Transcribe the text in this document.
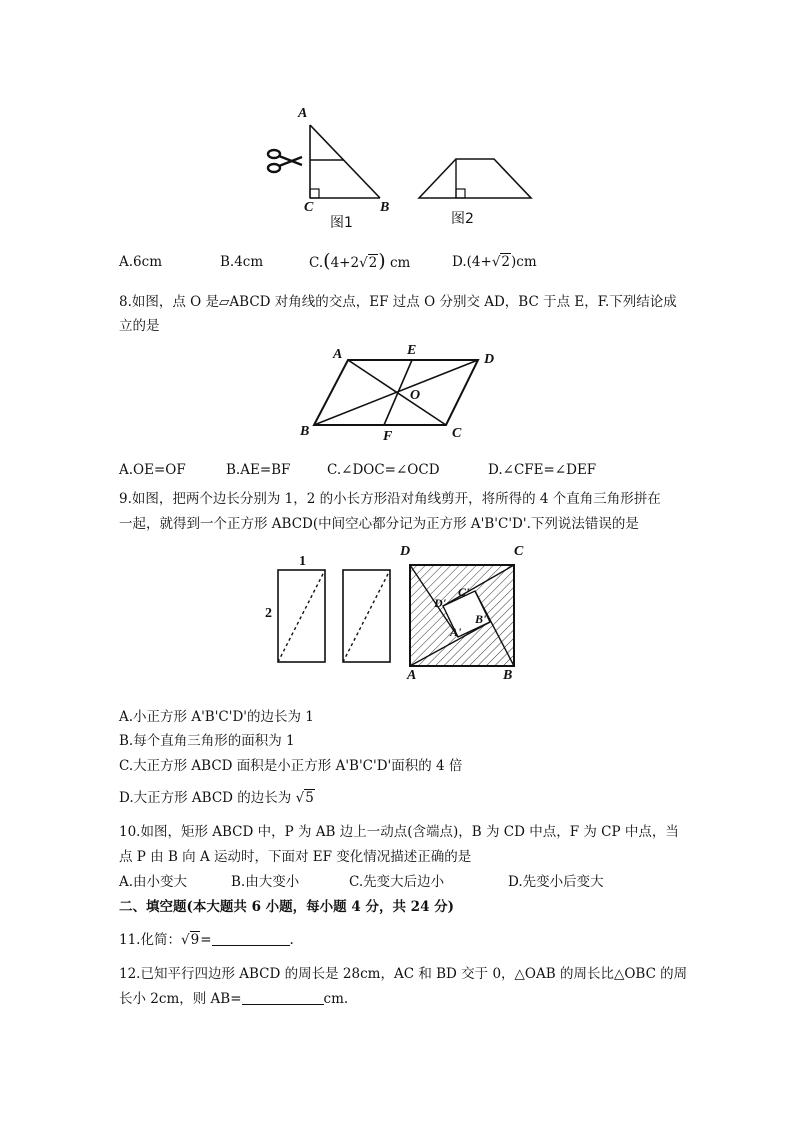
A
C	B
图1	图2
A.6cm	B.4cm	C.(4+2√2) cm	D.(4+√2)cm
8.如图，点 O 是▱ABCD 对角线的交点，EF 过点 O 分别交 AD，BC 于点 E，F.下列结论成
立的是
A	E
D
O
B	F	C
A.OE=OF	B.AE=BF	C.∠DOC=∠OCD	D.∠CFE=∠DEF
9.如图，把两个边长分别为 1，2 的小长方形沿对角线剪开，将所得的 4 个直角三角形拼在
一起，就得到一个正方形 ABCD(中间空心都分记为正方形 A'B'C'D'.下列说法错误的是
1
2
D	C
A	B
D'
C'
B'
A'
A.小正方形 A'B'C'D'的边长为 1
B.每个直角三角形的面积为 1
C.大正方形 ABCD 面积是小正方形 A'B'C'D'面积的 4 倍
D.大正方形 ABCD 的边长为 √5
10.如图，矩形 ABCD 中，P 为 AB 边上一动点(含端点)，B 为 CD 中点，F 为 CP 中点，当
点 P 由 B 向 A 运动时，下面对 EF 变化情况描述正确的是
A.由小变大	B.由大变小	C.先变大后边小	D.先变小后变大
二、填空题(本大题共 6 小题，每小题 4 分，共 24 分)
11.化简：√9=	.
12.已知平行四边形 ABCD 的周长是 28cm，AC 和 BD 交于 0，△OAB 的周长比△OBC 的周
长小 2cm，则 AB=	cm.
